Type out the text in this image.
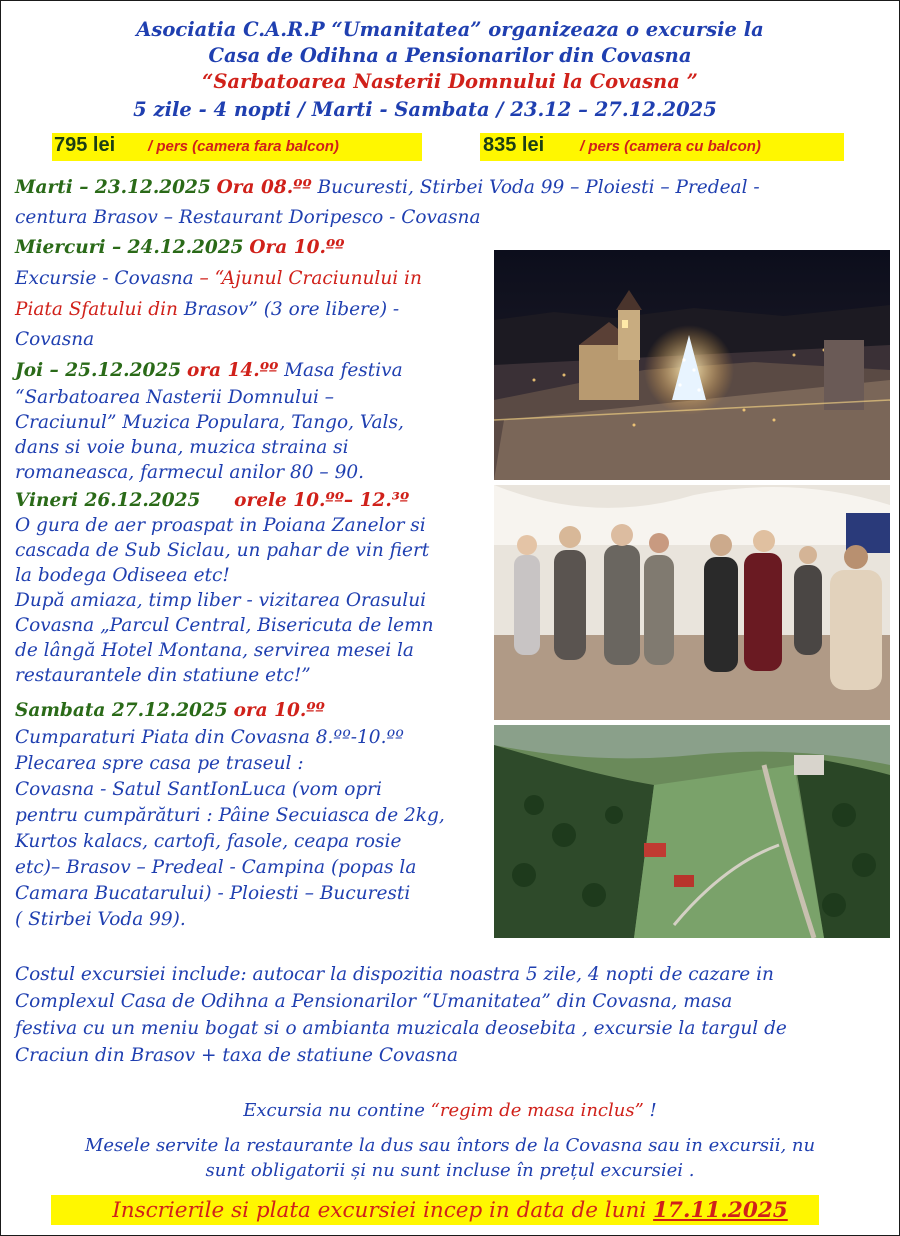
Asociatia C.A.R.P “Umanitatea” organizeaza o excursie la
Casa de Odihna a Pensionarilor din Covasna
“Sarbatoarea Nasterii Domnului la Covasna ”
5 zile - 4 nopti / Marti - Sambata / 23.12 – 27.12.2025
795 lei / pers (camera fara balcon)	835 lei / pers (camera cu balcon)
Marti – 23.12.2025 Ora 08.ºº Bucuresti, Stirbei Voda 99 – Ploiesti – Predeal -
centura Brasov – Restaurant Doripesco - Covasna
Miercuri – 24.12.2025 Ora 10.ºº
Excursie - Covasna – “Ajunul Craciunului in
Piata Sfatului din Brasov” (3 ore libere) -
Covasna
Joi – 25.12.2025 ora 14.ºº Masa festiva
“Sarbatoarea Nasterii Domnului –
Craciunul” Muzica Populara, Tango, Vals,
dans si voie buna, muzica straina si
romaneasca, farmecul anilor 80 – 90.
Vineri 26.12.2025 orele 10.ºº– 12.³º
O gura de aer proaspat in Poiana Zanelor si
cascada de Sub Siclau, un pahar de vin fiert
la bodega Odiseea etc!
După amiaza, timp liber - vizitarea Orasului
Covasna „Parcul Central, Bisericuta de lemn
de lângă Hotel Montana, servirea mesei la
restaurantele din statiune etc!”
Sambata 27.12.2025 ora 10.ºº
Cumparaturi Piata din Covasna 8.ºº-10.ºº
Plecarea spre casa pe traseul :
Covasna - Satul SantIonLuca (vom opri
pentru cumpărături : Pâine Secuiasca de 2kg,
Kurtos kalacs, cartofi, fasole, ceapa rosie
etc)– Brasov – Predeal - Campina (popas la
Camara Bucatarului) - Ploiesti – Bucuresti
( Stirbei Voda 99).
Costul excursiei include: autocar la dispozitia noastra 5 zile, 4 nopti de cazare in
Complexul Casa de Odihna a Pensionarilor “Umanitatea” din Covasna, masa
festiva cu un meniu bogat si o ambianta muzicala deosebita , excursie la targul de
Craciun din Brasov + taxa de statiune Covasna
Excursia nu contine “regim de masa inclus” !
Mesele servite la restaurante la dus sau întors de la Covasna sau in excursii, nu
sunt obligatorii și nu sunt incluse în prețul excursiei .
Inscrierile si plata excursiei incep in data de luni 17.11.2025
